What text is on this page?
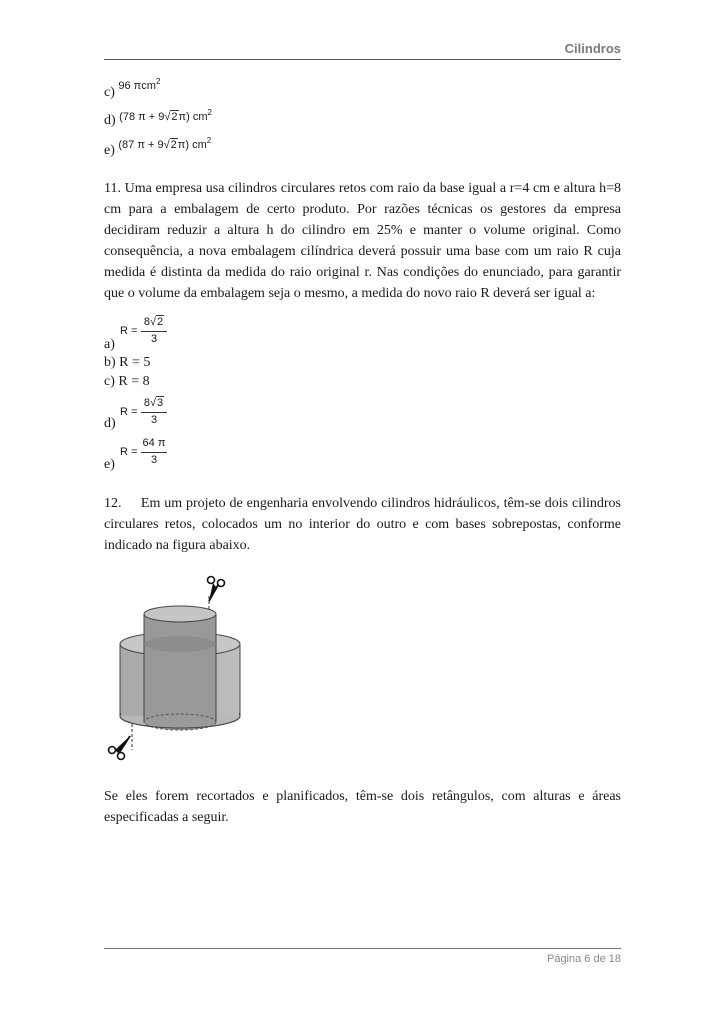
Cilindros
c) $^{96 \pi cm^2}$
d) $^{(78 \pi + 9√2\pi) cm^2}$
e) $^{(87 \pi + 9√2\pi) cm^2}$
11. Uma empresa usa cilindros circulares retos com raio da base igual a r=4 cm e altura h=8 cm para a embalagem de certo produto. Por razões técnicas os gestores da empresa decidiram reduzir a altura h do cilindro em 25% e manter o volume original. Como consequência, a nova embalagem cilíndrica deverá possuir uma base com um raio R cuja medida é distinta da medida do raio original r. Nas condições do enunciado, para garantir que o volume da embalagem seja o mesmo, a medida do novo raio R deverá ser igual a:
a)
R =
8√2
3
b) R = 5
c) R = 8
d)
R =
8√3
3
e)
R =
64 π
3
12. Em um projeto de engenharia envolvendo cilindros hidráulicos, têm-se dois cilindros circulares retos, colocados um no interior do outro e com bases sobrepostas, conforme indicado na figura abaixo.
Se eles forem recortados e planificados, têm-se dois retângulos, com alturas e áreas especificadas a seguir.
Página 6 de 18
